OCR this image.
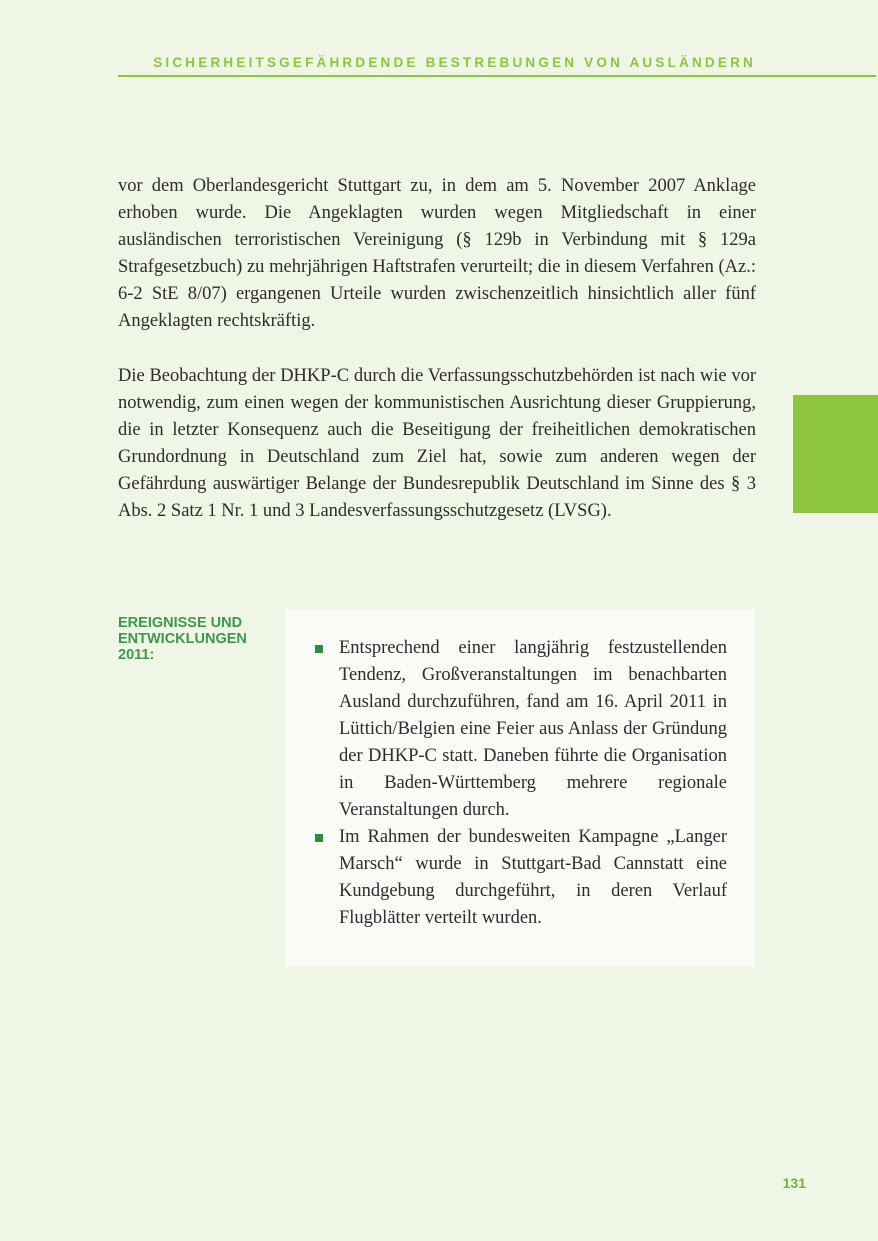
SICHERHEITSGEFÄHRDENDE BESTREBUNGEN VON AUSLÄNDERN

vor dem Oberlandesgericht Stuttgart zu, in dem am 5. November 2007 Anklage erhoben wurde. Die Angeklagten wurden wegen Mitgliedschaft in einer ausländischen terroristischen Vereinigung (§ 129b in Verbindung mit § 129a Strafgesetzbuch) zu mehrjährigen Haftstrafen verurteilt; die in diesem Verfahren (Az.: 6-2 StE 8/07) ergangenen Urteile wurden zwischenzeitlich hinsichtlich aller fünf Angeklagten rechtskräftig.

Die Beobachtung der DHKP-C durch die Verfassungsschutzbehörden ist nach wie vor notwendig, zum einen wegen der kommunistischen Ausrichtung dieser Gruppierung, die in letzter Konsequenz auch die Beseitigung der freiheitlichen demokratischen Grundordnung in Deutschland zum Ziel hat, sowie zum anderen wegen der Gefährdung auswärtiger Belange der Bundesrepublik Deutschland im Sinne des § 3 Abs. 2 Satz 1 Nr. 1 und 3 Landesverfassungsschutzgesetz (LVSG).

EREIGNISSE UND
ENTWICKLUNGEN
2011:	Entsprechend einer langjährig festzustellenden Tendenz, Großveranstaltungen im benachbarten Ausland durchzuführen, fand am 16. April 2011 in Lüttich/Belgien eine Feier aus Anlass der Gründung der DHKP-C statt. Daneben führte die Organisation in Baden-Württemberg mehrere regionale Veranstaltungen durch.
Im Rahmen der bundesweiten Kampagne „Langer Marsch“ wurde in Stuttgart-Bad Cannstatt eine Kundgebung durchgeführt, in deren Verlauf Flugblätter verteilt wurden.
131
